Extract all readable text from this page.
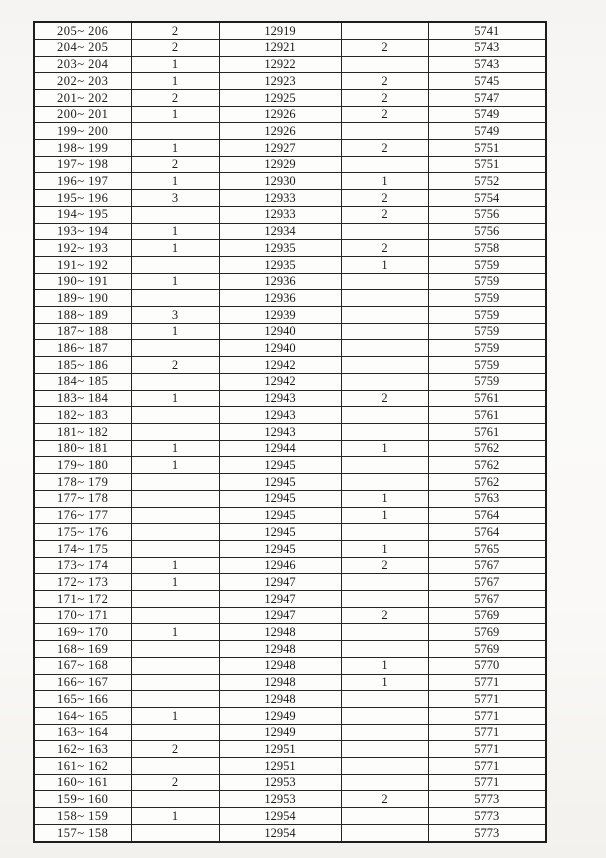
205~ 206	2	12919		5741
204~ 205	2	12921	2	5743
203~ 204	1	12922		5743
202~ 203	1	12923	2	5745
201~ 202	2	12925	2	5747
200~ 201	1	12926	2	5749
199~ 200		12926		5749
198~ 199	1	12927	2	5751
197~ 198	2	12929		5751
196~ 197	1	12930	1	5752
195~ 196	3	12933	2	5754
194~ 195		12933	2	5756
193~ 194	1	12934		5756
192~ 193	1	12935	2	5758
191~ 192		12935	1	5759
190~ 191	1	12936		5759
189~ 190		12936		5759
188~ 189	3	12939		5759
187~ 188	1	12940		5759
186~ 187		12940		5759
185~ 186	2	12942		5759
184~ 185		12942		5759
183~ 184	1	12943	2	5761
182~ 183		12943		5761
181~ 182		12943		5761
180~ 181	1	12944	1	5762
179~ 180	1	12945		5762
178~ 179		12945		5762
177~ 178		12945	1	5763
176~ 177		12945	1	5764
175~ 176		12945		5764
174~ 175		12945	1	5765
173~ 174	1	12946	2	5767
172~ 173	1	12947		5767
171~ 172		12947		5767
170~ 171		12947	2	5769
169~ 170	1	12948		5769
168~ 169		12948		5769
167~ 168		12948	1	5770
166~ 167		12948	1	5771
165~ 166		12948		5771
164~ 165	1	12949		5771
163~ 164		12949		5771
162~ 163	2	12951		5771
161~ 162		12951		5771
160~ 161	2	12953		5771
159~ 160		12953	2	5773
158~ 159	1	12954		5773
157~ 158		12954		5773
